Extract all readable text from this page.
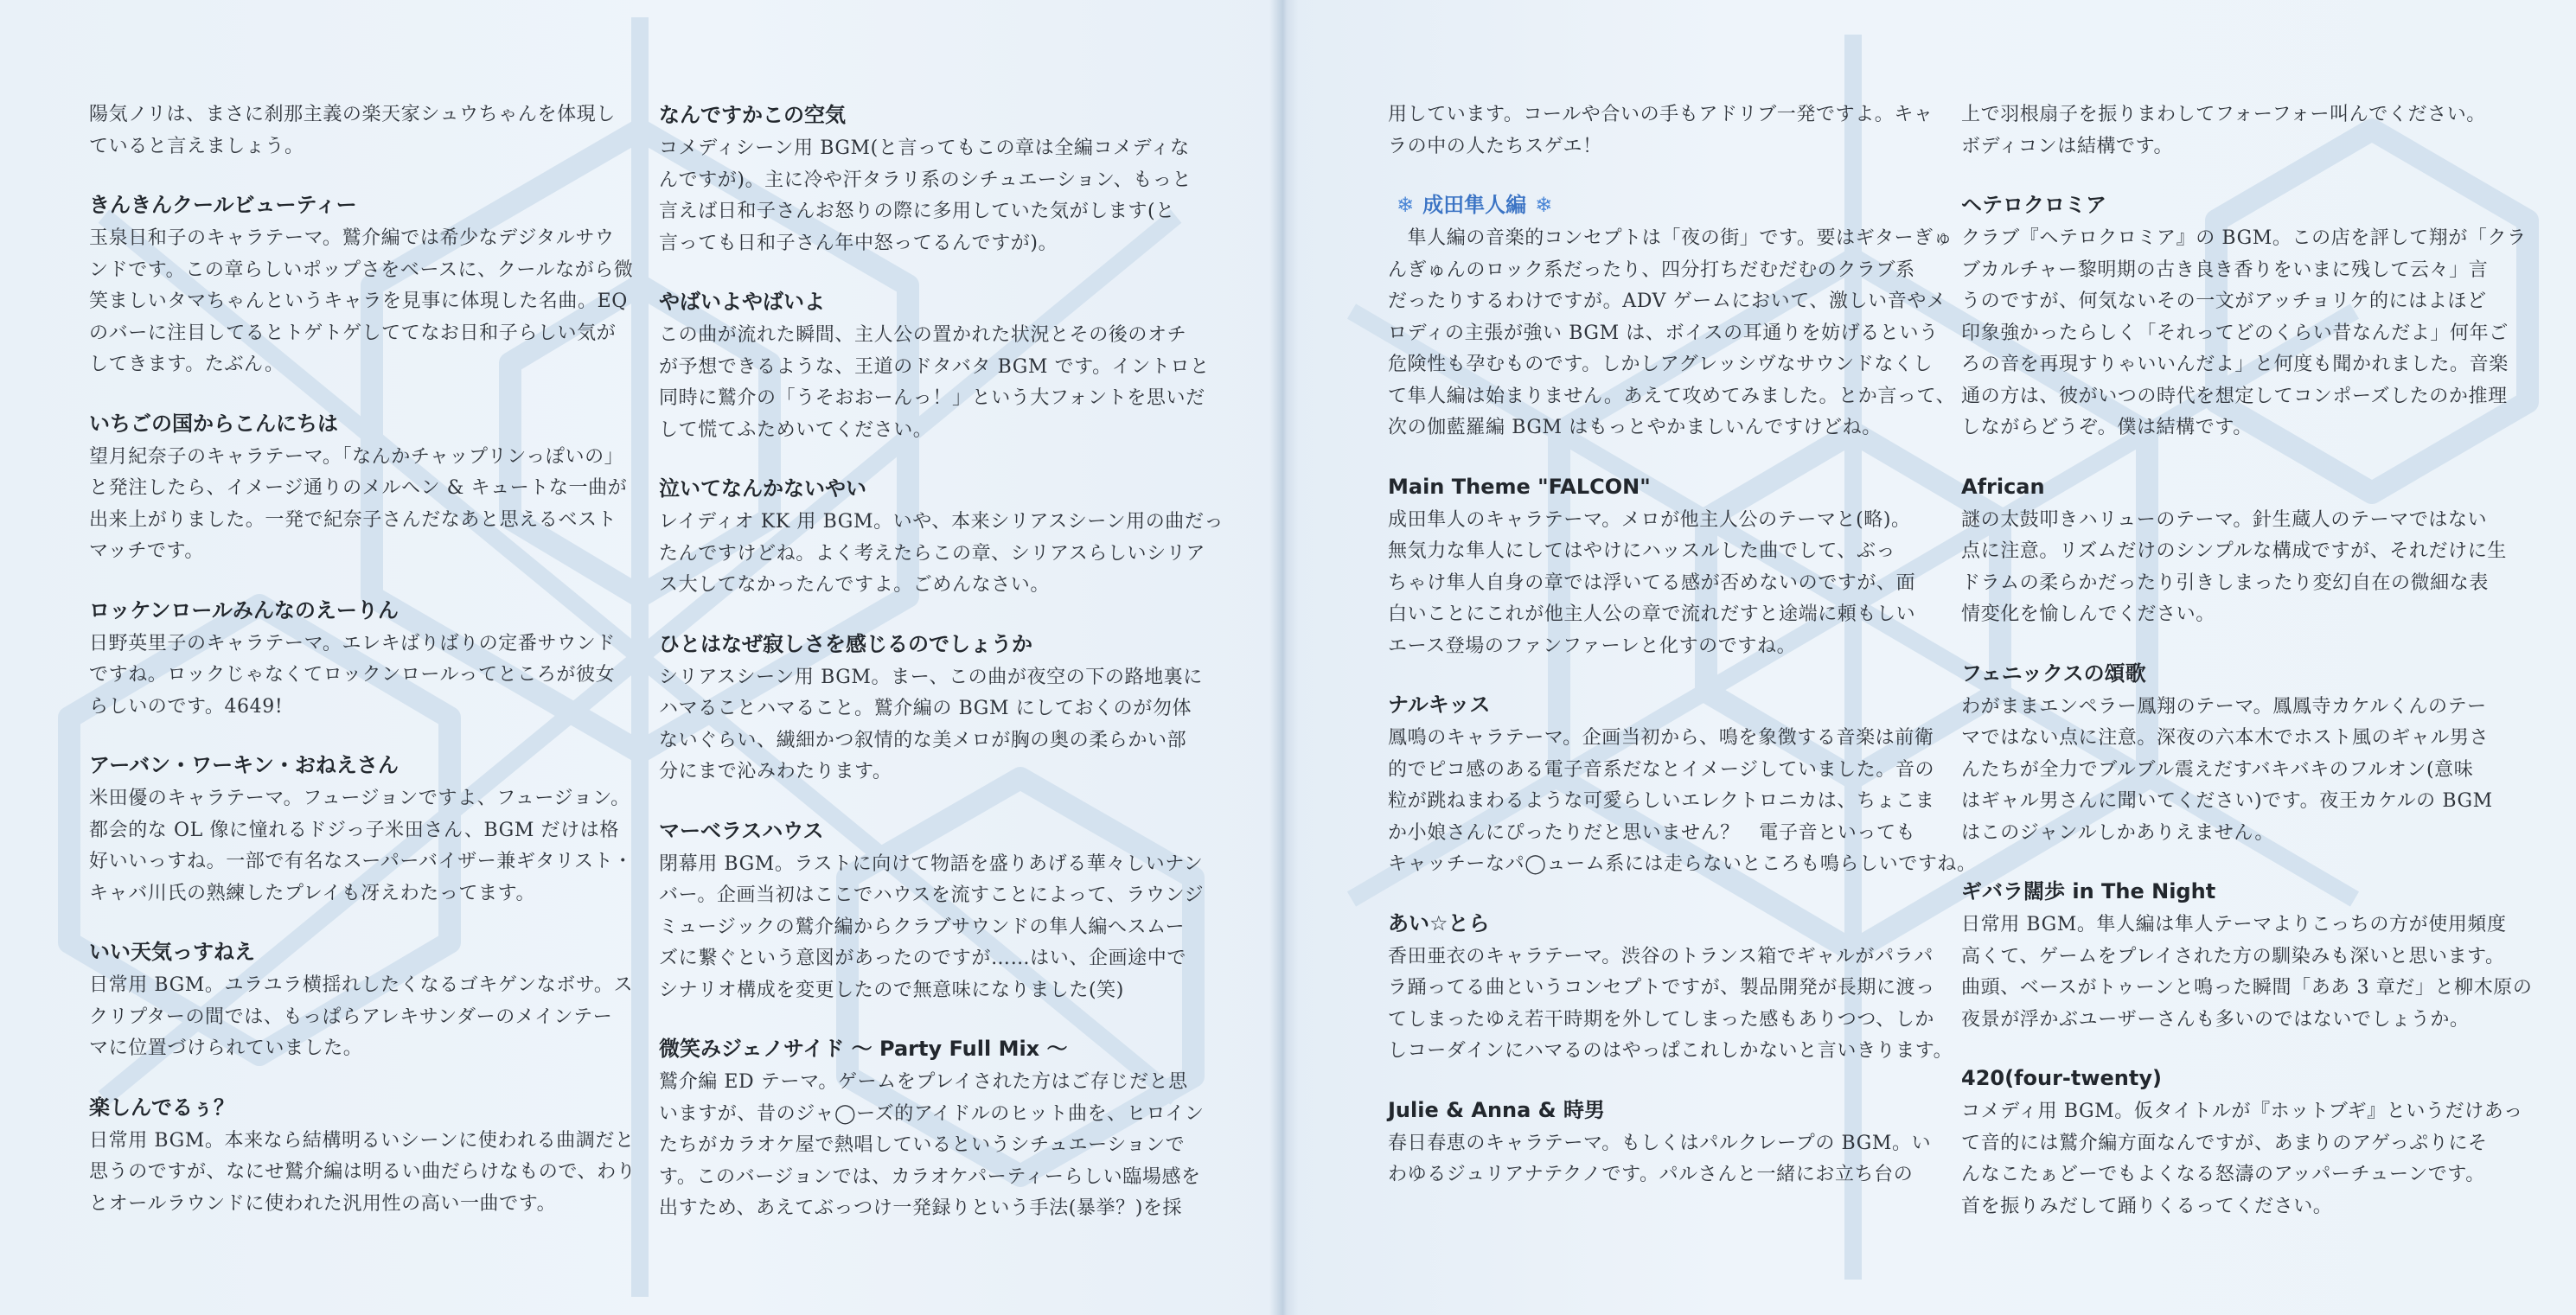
陽気ノリは、まさに刹那主義の楽天家シュウちゃんを体現し
ていると言えましょう。
きんきんクールビューティー
玉泉日和子のキャラテーマ。鷲介編では希少なデジタルサウ
ンドです。この章らしいポップさをベースに、クールながら微
笑ましいタマちゃんというキャラを見事に体現した名曲。EQ
のバーに注目してるとトゲトゲしててなお日和子らしい気が
してきます。たぶん。
いちごの国からこんにちは
望月紀奈子のキャラテーマ。「なんかチャップリンっぽいの」
と発注したら、イメージ通りのメルヘン & キュートな一曲が
出来上がりました。一発で紀奈子さんだなあと思えるベスト
マッチです。
ロッケンロールみんなのえーりん
日野英里子のキャラテーマ。エレキばりばりの定番サウンド
ですね。ロックじゃなくてロックンロールってところが彼女
らしいのです。4649!
アーバン・ワーキン・おねえさん
米田優のキャラテーマ。フュージョンですよ、フュージョン。
都会的な OL 像に憧れるドジっ子米田さん、BGM だけは格
好いいっすね。一部で有名なスーパーバイザー兼ギタリスト・
キャバ川氏の熟練したプレイも冴えわたってます。
いい天気っすねえ
日常用 BGM。ユラユラ横揺れしたくなるゴキゲンなボサ。ス
クリプターの間では、もっぱらアレキサンダーのメインテー
マに位置づけられていました。
楽しんでるぅ？
日常用 BGM。本来なら結構明るいシーンに使われる曲調だと
思うのですが、なにせ鷲介編は明るい曲だらけなもので、わり
とオールラウンドに使われた汎用性の高い一曲です。
なんですかこの空気
コメディシーン用 BGM(と言ってもこの章は全編コメディな
んですが)。主に冷や汗タラリ系のシチュエーション、もっと
言えば日和子さんお怒りの際に多用していた気がします(と
言っても日和子さん年中怒ってるんですが)。
やばいよやばいよ
この曲が流れた瞬間、主人公の置かれた状況とその後のオチ
が予想できるような、王道のドタバタ BGM です。イントロと
同時に鷲介の「うそおおーんっ！」という大フォントを思いだ
して慌てふためいてください。
泣いてなんかないやい
レイディオ KK 用 BGM。いや、本来シリアスシーン用の曲だっ
たんですけどね。よく考えたらこの章、シリアスらしいシリア
ス大してなかったんですよ。ごめんなさい。
ひとはなぜ寂しさを感じるのでしょうか
シリアスシーン用 BGM。まー、この曲が夜空の下の路地裏に
ハマることハマること。鷲介編の BGM にしておくのが勿体
ないぐらい、繊細かつ叙情的な美メロが胸の奥の柔らかい部
分にまで沁みわたります。
マーベラスハウス
閉幕用 BGM。ラストに向けて物語を盛りあげる華々しいナン
バー。企画当初はここでハウスを流すことによって、ラウンジ
ミュージックの鷲介編からクラブサウンドの隼人編へスムー
ズに繋ぐという意図があったのですが……はい、企画途中で
シナリオ構成を変更したので無意味になりました(笑)
微笑みジェノサイド 〜 Party Full Mix 〜
鷲介編 ED テーマ。ゲームをプレイされた方はご存じだと思
いますが、昔のジャ◯ーズ的アイドルのヒット曲を、ヒロイン
たちがカラオケ屋で熱唱しているというシチュエーションで
す。このバージョンでは、カラオケパーティーらしい臨場感を
出すため、あえてぶっつけ一発録りという手法(暴挙？)を採
用しています。コールや合いの手もアドリブ一発ですよ。キャ
ラの中の人たちスゲエ！
❄ 成田隼人編 ❄
　隼人編の音楽的コンセプトは「夜の街」です。要はギターぎゅ
んぎゅんのロック系だったり、四分打ちだむだむのクラブ系
だったりするわけですが。ADV ゲームにおいて、激しい音やメ
ロディの主張が強い BGM は、ボイスの耳通りを妨げるという
危険性も孕むものです。しかしアグレッシヴなサウンドなくし
て隼人編は始まりません。あえて攻めてみました。とか言って、
次の伽藍羅編 BGM はもっとやかましいんですけどね。
Main Theme "FALCON"
成田隼人のキャラテーマ。メロが他主人公のテーマと(略)。
無気力な隼人にしてはやけにハッスルした曲でして、ぶっ
ちゃけ隼人自身の章では浮いてる感が否めないのですが、面
白いことにこれが他主人公の章で流れだすと途端に頼もしい
エース登場のファンファーレと化すのですね。
ナルキッス
鳳鳴のキャラテーマ。企画当初から、鳴を象徴する音楽は前衛
的でピコ感のある電子音系だなとイメージしていました。音の
粒が跳ねまわるような可愛らしいエレクトロニカは、ちょこま
か小娘さんにぴったりだと思いません？　電子音といっても
キャッチーなパ◯ューム系には走らないところも鳴らしいですね。
あい☆とら
香田亜衣のキャラテーマ。渋谷のトランス箱でギャルがパラパ
ラ踊ってる曲というコンセプトですが、製品開発が長期に渡っ
てしまったゆえ若干時期を外してしまった感もありつつ、しか
しコーダインにハマるのはやっぱこれしかないと言いきります。
Julie & Anna & 時男
春日春恵のキャラテーマ。もしくはパルクレープの BGM。い
わゆるジュリアナテクノです。パルさんと一緒にお立ち台の
上で羽根扇子を振りまわしてフォーフォー叫んでください。
ボディコンは結構です。
ヘテロクロミア
クラブ『ヘテロクロミア』の BGM。この店を評して翔が「クラ
ブカルチャー黎明期の古き良き香りをいまに残して云々」言
うのですが、何気ないその一文がアッチョリケ的にはよほど
印象強かったらしく「それってどのくらい昔なんだよ」何年ご
ろの音を再現すりゃいいんだよ」と何度も聞かれました。音楽
通の方は、彼がいつの時代を想定してコンポーズしたのか推理
しながらどうぞ。僕は結構です。
African
謎の太鼓叩きハリューのテーマ。針生蔵人のテーマではない
点に注意。リズムだけのシンプルな構成ですが、それだけに生
ドラムの柔らかだったり引きしまったり変幻自在の微細な表
情変化を愉しんでください。
フェニックスの頌歌
わがままエンペラー鳳翔のテーマ。鳳鳳寺カケルくんのテー
マではない点に注意。深夜の六本木でホスト風のギャル男さ
んたちが全力でブルブル震えだすバキバキのフルオン(意味
はギャル男さんに聞いてください)です。夜王カケルの BGM
はこのジャンルしかありえません。
ギバラ闊歩 in The Night
日常用 BGM。隼人編は隼人テーマよりこっちの方が使用頻度
高くて、ゲームをプレイされた方の馴染みも深いと思います。
曲頭、ベースがトゥーンと鳴った瞬間「ああ 3 章だ」と柳木原の
夜景が浮かぶユーザーさんも多いのではないでしょうか。
420(four-twenty)
コメディ用 BGM。仮タイトルが『ホットブギ』というだけあっ
て音的には鷲介編方面なんですが、あまりのアゲっぷりにそ
んなこたぁどーでもよくなる怒濤のアッパーチューンです。
首を振りみだして踊りくるってください。
